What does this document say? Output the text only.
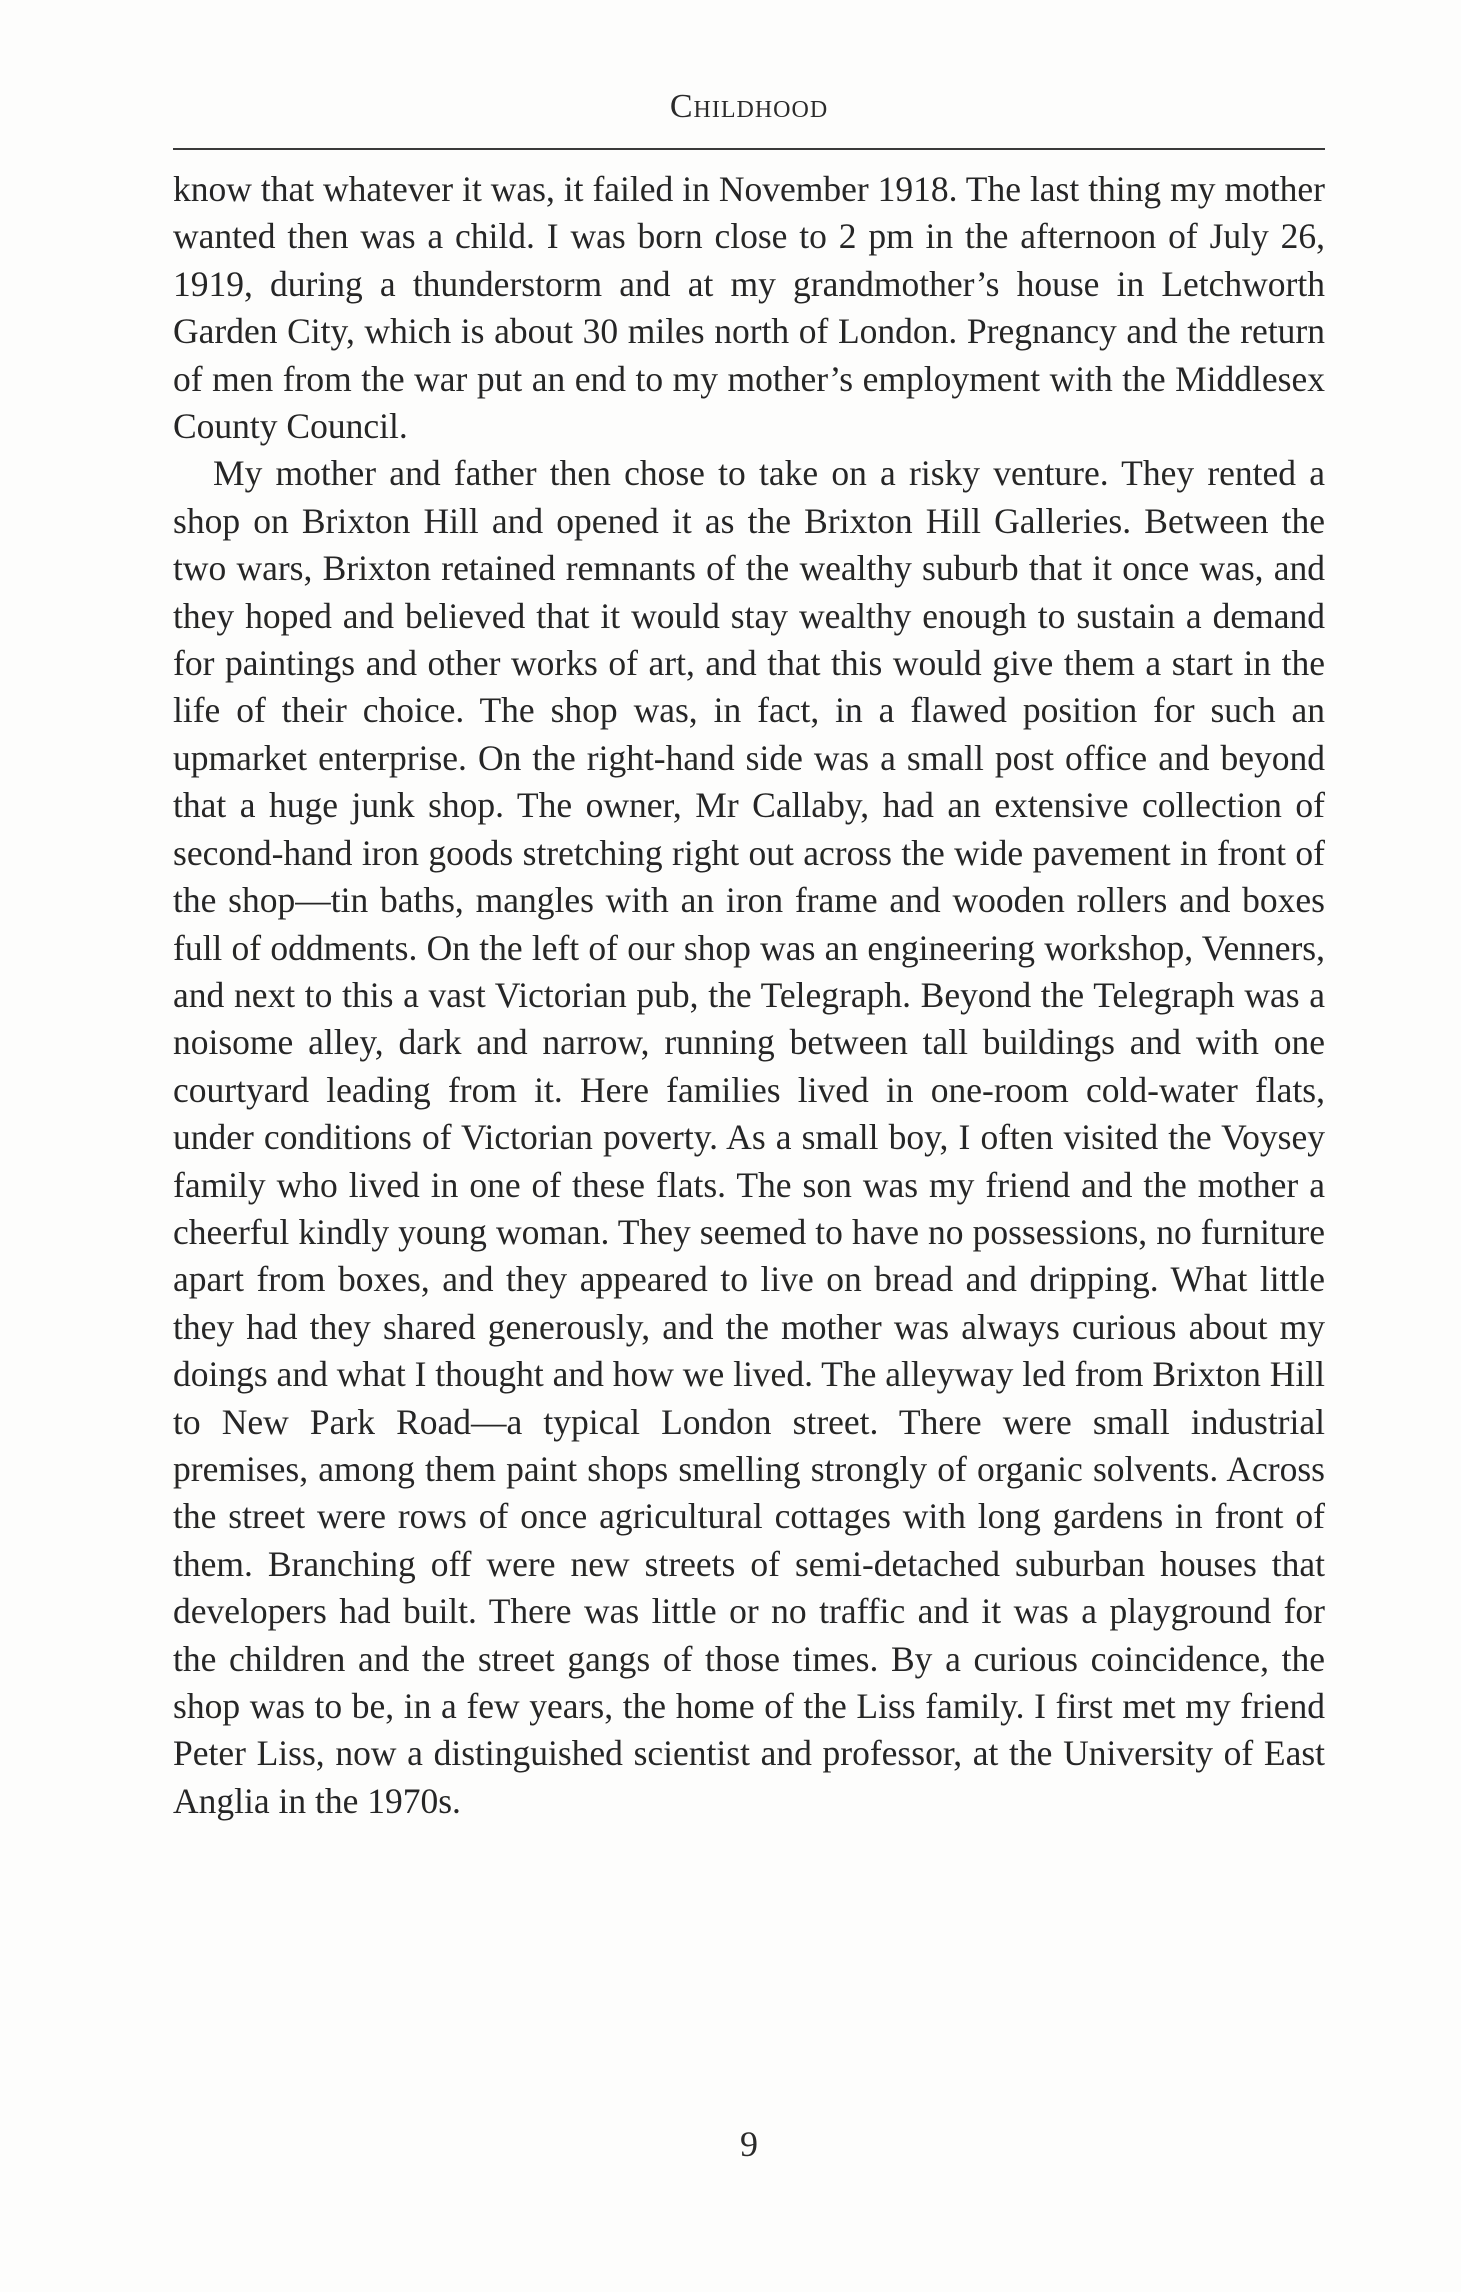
Childhood

know that whatever it was, it failed in November 1918. The last thing my mother wanted then was a child. I was born close to 2 pm in the afternoon of July 26, 1919, during a thunderstorm and at my grandmother’s house in Letchworth Garden City, which is about 30 miles north of London. Pregnancy and the return of men from the war put an end to my mother’s employment with the Middlesex County Council.

My mother and father then chose to take on a risky venture. They rented a shop on Brixton Hill and opened it as the Brixton Hill Galleries. Between the two wars, Brixton retained remnants of the wealthy suburb that it once was, and they hoped and believed that it would stay wealthy enough to sustain a demand for paintings and other works of art, and that this would give them a start in the life of their choice. The shop was, in fact, in a flawed position for such an upmarket enterprise. On the right-hand side was a small post office and beyond that a huge junk shop. The owner, Mr Callaby, had an extensive collection of second-hand iron goods stretching right out across the wide pavement in front of the shop—tin baths, mangles with an iron frame and wooden rollers and boxes full of oddments. On the left of our shop was an engineering workshop, Venners, and next to this a vast Victorian pub, the Telegraph. Beyond the Telegraph was a noisome alley, dark and narrow, running between tall buildings and with one courtyard leading from it. Here families lived in one-room cold-water flats, under conditions of Victorian poverty. As a small boy, I often visited the Voysey family who lived in one of these flats. The son was my friend and the mother a cheerful kindly young woman. They seemed to have no possessions, no furniture apart from boxes, and they appeared to live on bread and dripping. What little they had they shared generously, and the mother was always curious about my doings and what I thought and how we lived. The alleyway led from Brixton Hill to New Park Road—a typical London street. There were small industrial premises, among them paint shops smelling strongly of organic solvents. Across the street were rows of once agricultural cottages with long gardens in front of them. Branching off were new streets of semi-detached suburban houses that developers had built. There was little or no traffic and it was a playground for the children and the street gangs of those times. By a curious coincidence, the shop was to be, in a few years, the home of the Liss family. I first met my friend Peter Liss, now a distinguished scientist and professor, at the University of East Anglia in the 1970s.

9
